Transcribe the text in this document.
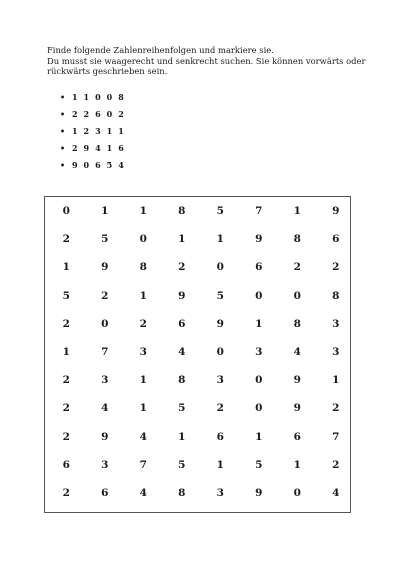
Finde folgende Zahlenreihenfolgen und markiere sie.

Du musst sie waagerecht und senkrecht suchen. Sie können vorwärts oder rückwärts geschrieben sein.

• 1 1 0 0 8
• 2 2 6 0 2
• 1 2 3 1 1
• 2 9 4 1 6
• 9 0 6 5 4
0	1	1	8	5	7	1	9
2	5	0	1	1	9	8	6
1	9	8	2	0	6	2	2
5	2	1	9	5	0	0	8
2	0	2	6	9	1	8	3
1	7	3	4	0	3	4	3
2	3	1	8	3	0	9	1
2	4	1	5	2	0	9	2
2	9	4	1	6	1	6	7
6	3	7	5	1	5	1	2
2	6	4	8	3	9	0	4
